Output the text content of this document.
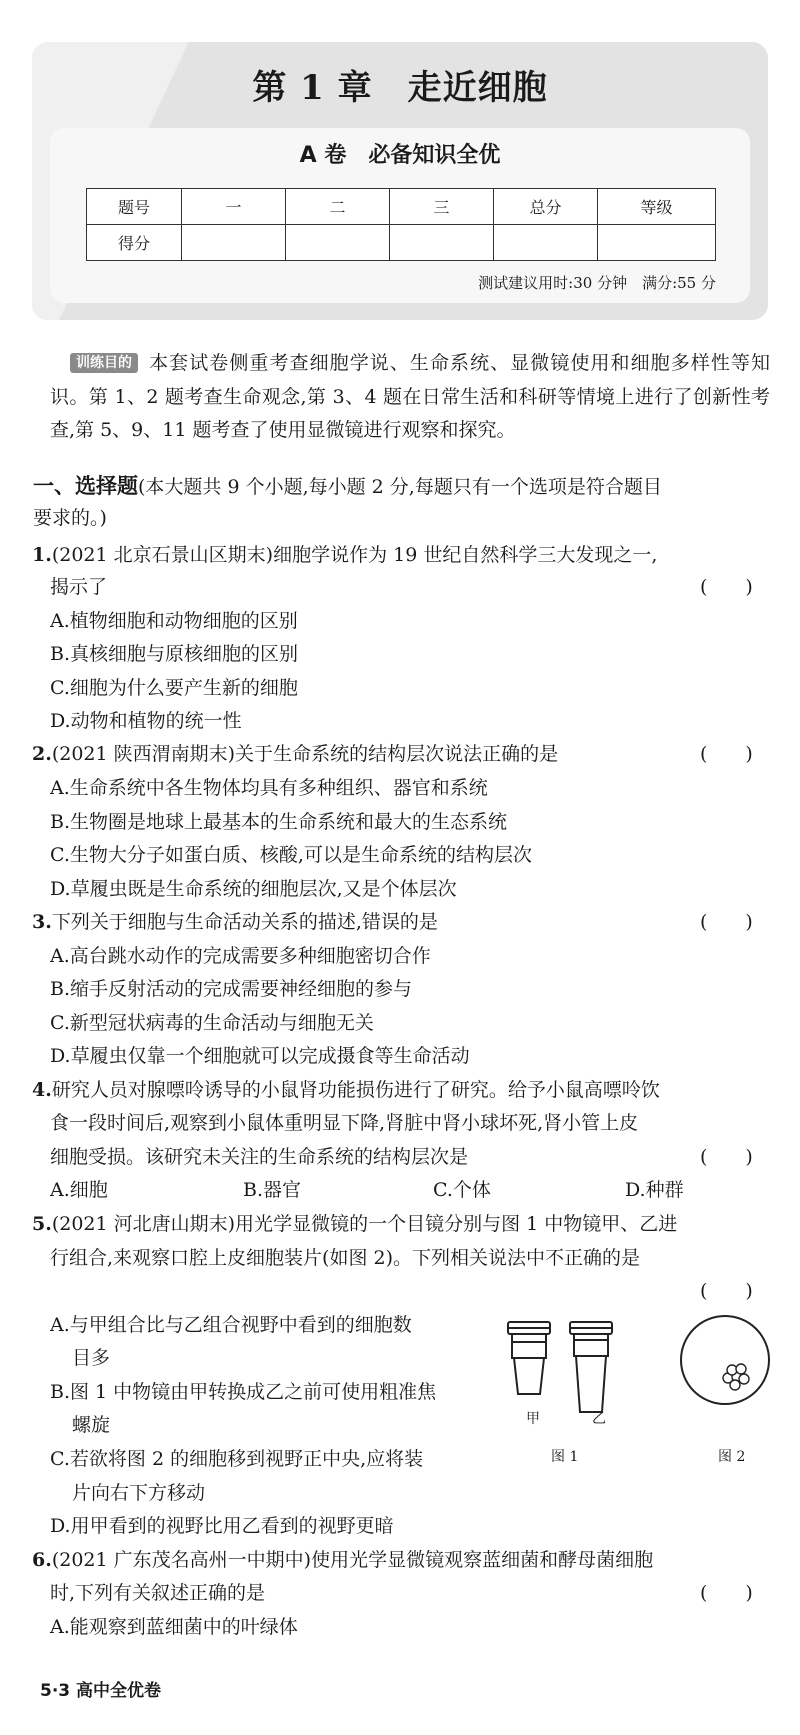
第 1 章　走近细胞
A 卷　必备知识全优
题号	一	二	三	总分	等级
得分					
测试建议用时:30 分钟　满分:55 分
训练目的 本套试卷侧重考查细胞学说、生命系统、显微镜使用和细胞多样性等知识。第 1、2 题考查生命观念,第 3、4 题在日常生活和科研等情境上进行了创新性考查,第 5、9、11 题考查了使用显微镜进行观察和探究。
一、选择题(本大题共 9 个小题,每小题 2 分,每题只有一个选项是符合题目
要求的。)
1.(2021 北京石景山区期末)细胞学说作为 19 世纪自然科学三大发现之一,
揭示了	(　　)
A.植物细胞和动物细胞的区别
B.真核细胞与原核细胞的区别
C.细胞为什么要产生新的细胞
D.动物和植物的统一性
2.(2021 陕西渭南期末)关于生命系统的结构层次说法正确的是	(　　)
A.生命系统中各生物体均具有多种组织、器官和系统
B.生物圈是地球上最基本的生命系统和最大的生态系统
C.生物大分子如蛋白质、核酸,可以是生命系统的结构层次
D.草履虫既是生命系统的细胞层次,又是个体层次
3.下列关于细胞与生命活动关系的描述,错误的是	(　　)
A.高台跳水动作的完成需要多种细胞密切合作
B.缩手反射活动的完成需要神经细胞的参与
C.新型冠状病毒的生命活动与细胞无关
D.草履虫仅靠一个细胞就可以完成摄食等生命活动
4.研究人员对腺嘌呤诱导的小鼠肾功能损伤进行了研究。给予小鼠高嘌呤饮
食一段时间后,观察到小鼠体重明显下降,肾脏中肾小球坏死,肾小管上皮
细胞受损。该研究未关注的生命系统的结构层次是	(　　)
A.细胞	B.器官	C.个体	D.种群
5.(2021 河北唐山期末)用光学显微镜的一个目镜分别与图 1 中物镜甲、乙进
行组合,来观察口腔上皮细胞装片(如图 2)。下列相关说法中不正确的是
(　　)
A.与甲组合比与乙组合视野中看到的细胞数
目多
B.图 1 中物镜由甲转换成乙之前可使用粗准焦
螺旋
C.若欲将图 2 的细胞移到视野正中央,应将装
片向右下方移动
D.用甲看到的视野比用乙看到的视野更暗
甲	乙
图 1	图 2
6.(2021 广东茂名高州一中期中)使用光学显微镜观察蓝细菌和酵母菌细胞
时,下列有关叙述正确的是	(　　)
A.能观察到蓝细菌中的叶绿体
5·3 高中全优卷
